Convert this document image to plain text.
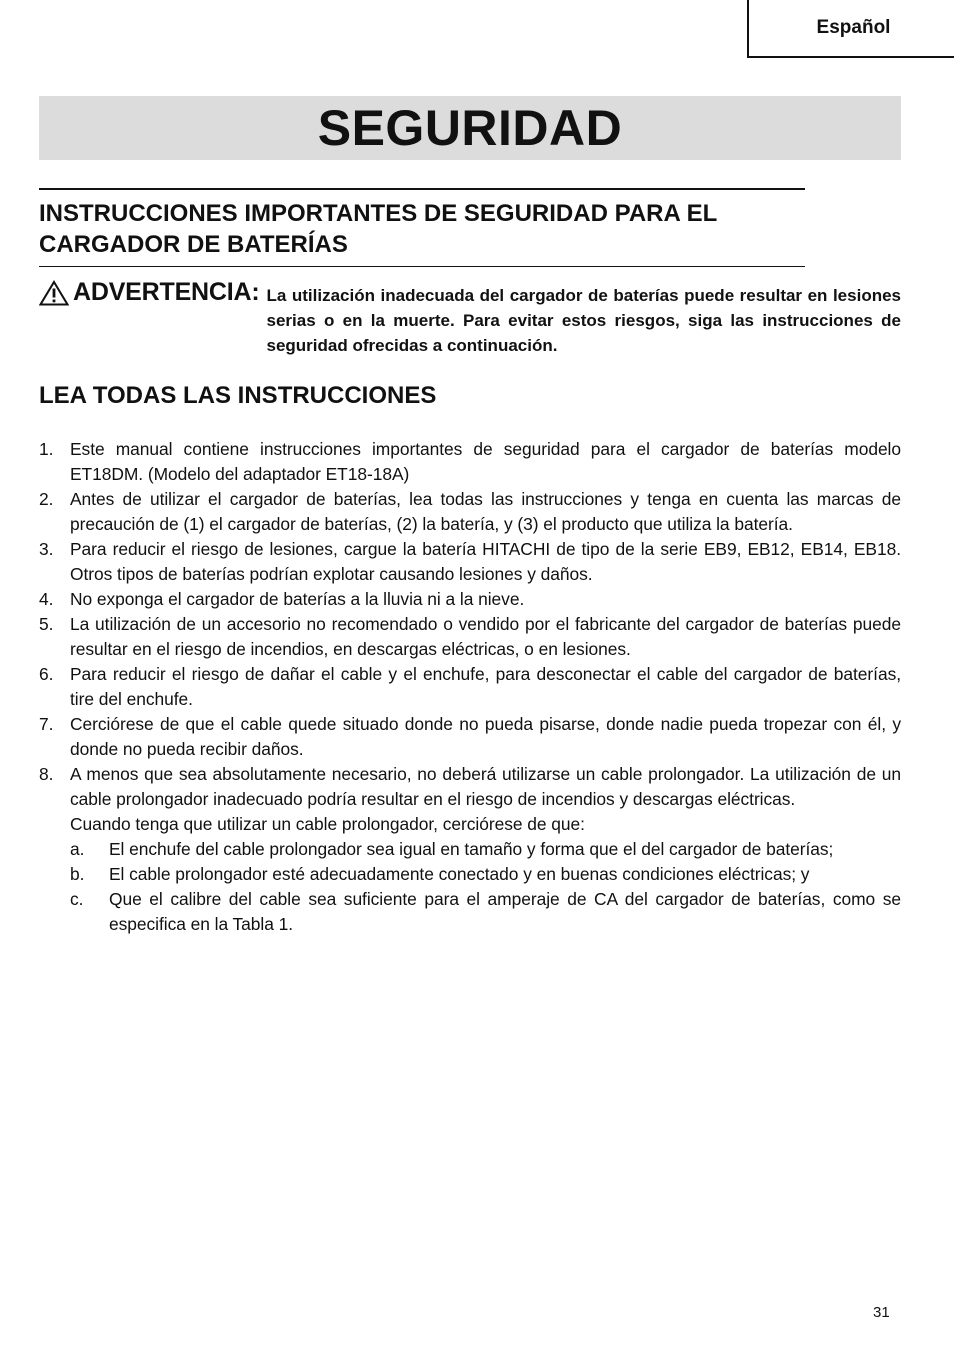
Español
SEGURIDAD
INSTRUCCIONES IMPORTANTES DE SEGURIDAD PARA EL CARGADOR DE BATERÍAS
ADVERTENCIA: La utilización inadecuada del cargador de baterías puede resultar en lesiones serias o en la muerte. Para evitar estos riesgos, siga las instrucciones de seguridad ofrecidas a continuación.
LEA TODAS LAS INSTRUCCIONES
1. Este manual contiene instrucciones importantes de seguridad para el cargador de baterías modelo ET18DM. (Modelo del adaptador ET18-18A)
2. Antes de utilizar el cargador de baterías, lea todas las instrucciones y tenga en cuenta las marcas de precaución de (1) el cargador de baterías, (2) la batería, y (3) el producto que utiliza la batería.
3. Para reducir el riesgo de lesiones, cargue la batería HITACHI de tipo de la serie EB9, EB12, EB14, EB18. Otros tipos de baterías podrían explotar causando lesiones y daños.
4. No exponga el cargador de baterías a la lluvia ni a la nieve.
5. La utilización de un accesorio no recomendado o vendido por el fabricante del cargador de baterías puede resultar en el riesgo de incendios, en descargas eléctricas, o en lesiones.
6. Para reducir el riesgo de dañar el cable y el enchufe, para desconectar el cable del cargador de baterías, tire del enchufe.
7. Cerciórese de que el cable quede situado donde no pueda pisarse, donde nadie pueda tropezar con él, y donde no pueda recibir daños.
8. A menos que sea absolutamente necesario, no deberá utilizarse un cable prolongador. La utilización de un cable prolongador inadecuado podría resultar en el riesgo de incendios y descargas eléctricas.
Cuando tenga que utilizar un cable prolongador, cerciórese de que:
a. El enchufe del cable prolongador sea igual en tamaño y forma que el del cargador de baterías;
b. El cable prolongador esté adecuadamente conectado y en buenas condiciones eléctricas; y
c. Que el calibre del cable sea suficiente para el amperaje de CA del cargador de baterías, como se especifica en la Tabla 1.
31
